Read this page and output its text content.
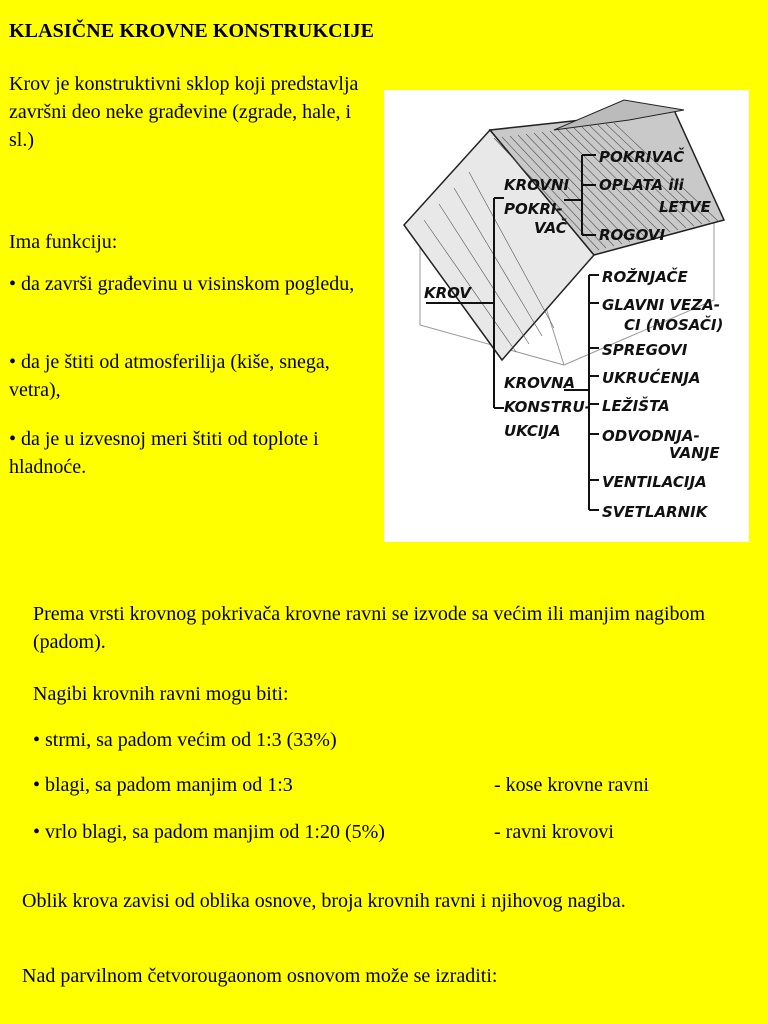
KLASIČNE KROVNE KONSTRUKCIJE

Krov je konstruktivni sklop koji predstavlja završni deo neke građevine (zgrade, hale, i sl.)

Ima funkciju:

• da završi građevinu u visinskom pogledu,

• da je štiti od atmosferilija (kiše, snega, vetra),

• da je u izvesnoj meri štiti od toplote i hladnoće.

KROV
KROVNI
POKRI-
VAČ
POKRIVAČ
OPLATA ili
LETVE
ROGOVI
KROVNA
KONSTRU-
UKCIJA
ROŽNJAČE
GLAVNI VEZA-
CI (NOSAČI)
SPREGOVI
UKRUĆENJA
LEŽIŠTA
ODVODNJA-
VANJE
VENTILACIJA
SVETLARNIK

Prema vrsti krovnog pokrivača krovne ravni se izvode sa većim ili manjim nagibom (padom).

Nagibi krovnih ravni mogu biti:

• strmi, sa padom većim od 1:3 (33%)
• blagi, sa padom manjim od 1:3
• vrlo blagi, sa padom manjim od 1:20 (5%)
- kose krovne ravni
- ravni krovovi

Oblik krova zavisi od oblika osnove, broja krovnih ravni i njihovog nagiba.

Nad parvilnom četvorougaonom osnovom može se izraditi:
